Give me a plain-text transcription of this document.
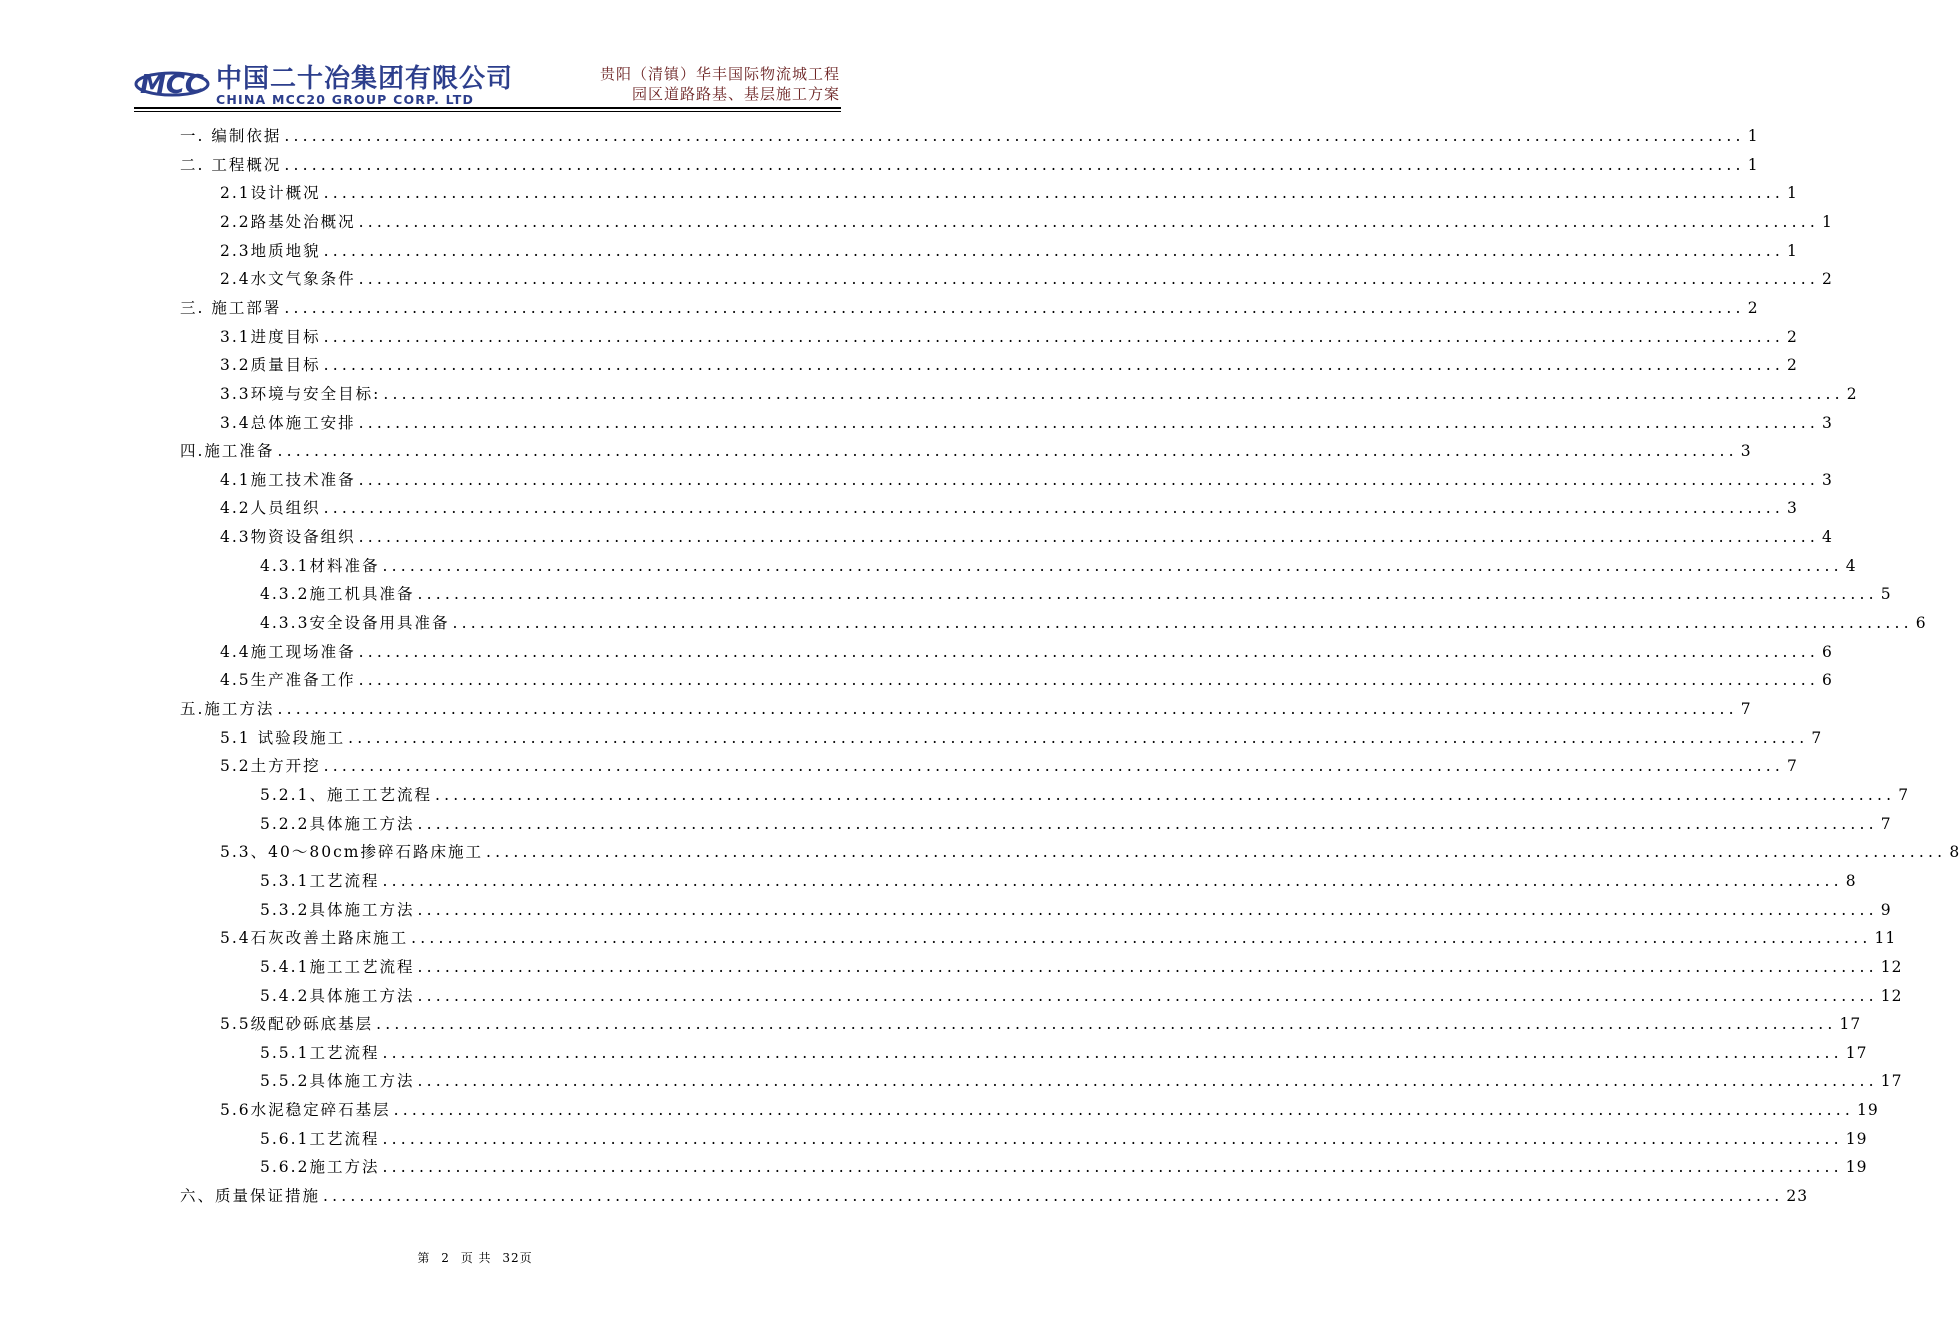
MCC 中国二十冶集团有限公司
CHINA MCC20 GROUP CORP. LTD
贵阳（清镇）华丰国际物流城工程
园区道路路基、基层施工方案
一. 编制依据 ................................................................................................................................................................ 1
二. 工程概况 ................................................................................................................................................................ 1
2.1设计概况 ................................................................................................................................................................ 1
2.2路基处治概况 ................................................................................................................................................................ 1
2.3地质地貌 ................................................................................................................................................................ 1
2.4水文气象条件 ................................................................................................................................................................ 2
三. 施工部署 ................................................................................................................................................................ 2
3.1进度目标 ................................................................................................................................................................ 2
3.2质量目标 ................................................................................................................................................................ 2
3.3环境与安全目标: ................................................................................................................................................................ 2
3.4总体施工安排 ................................................................................................................................................................ 3
四.施工准备 ................................................................................................................................................................ 3
4.1施工技术准备 ................................................................................................................................................................ 3
4.2人员组织 ................................................................................................................................................................ 3
4.3物资设备组织 ................................................................................................................................................................ 4
4.3.1材料准备 ................................................................................................................................................................ 4
4.3.2施工机具准备 ................................................................................................................................................................ 5
4.3.3安全设备用具准备 ................................................................................................................................................................ 6
4.4施工现场准备 ................................................................................................................................................................ 6
4.5生产准备工作 ................................................................................................................................................................ 6
五.施工方法 ................................................................................................................................................................ 7
5.1 试验段施工 ................................................................................................................................................................ 7
5.2土方开挖 ................................................................................................................................................................ 7
5.2.1、施工工艺流程 ................................................................................................................................................................ 7
5.2.2具体施工方法 ................................................................................................................................................................ 7
5.3、40～80cm掺碎石路床施工 ................................................................................................................................................................ 8
5.3.1工艺流程 ................................................................................................................................................................ 8
5.3.2具体施工方法 ................................................................................................................................................................ 9
5.4石灰改善土路床施工 ................................................................................................................................................................ 11
5.4.1施工工艺流程 ................................................................................................................................................................ 12
5.4.2具体施工方法 ................................................................................................................................................................ 12
5.5级配砂砾底基层 ................................................................................................................................................................ 17
5.5.1工艺流程 ................................................................................................................................................................ 17
5.5.2具体施工方法 ................................................................................................................................................................ 17
5.6水泥稳定碎石基层 ................................................................................................................................................................ 19
5.6.1工艺流程 ................................................................................................................................................................ 19
5.6.2施工方法 ................................................................................................................................................................ 19
六、质量保证措施 ................................................................................................................................................................ 23
第 2 页 共 32页
